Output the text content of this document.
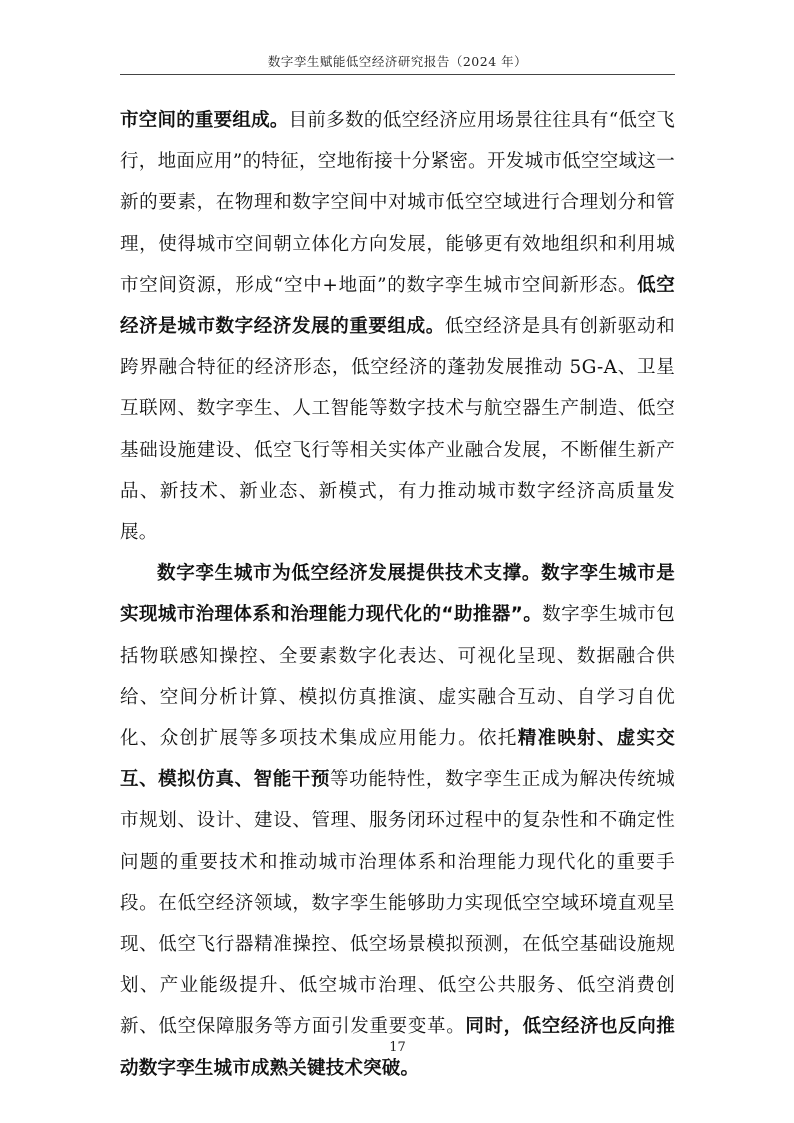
数字孪生赋能低空经济研究报告（2024 年）

市空间的重要组成。目前多数的低空经济应用场景往往具有“低空飞行，地面应用”的特征，空地衔接十分紧密。开发城市低空空域这一新的要素，在物理和数字空间中对城市低空空域进行合理划分和管理，使得城市空间朝立体化方向发展，能够更有效地组织和利用城市空间资源，形成“空中+地面”的数字孪生城市空间新形态。低空经济是城市数字经济发展的重要组成。低空经济是具有创新驱动和跨界融合特征的经济形态，低空经济的蓬勃发展推动 5G-A、卫星互联网、数字孪生、人工智能等数字技术与航空器生产制造、低空基础设施建设、低空飞行等相关实体产业融合发展，不断催生新产品、新技术、新业态、新模式，有力推动城市数字经济高质量发展。

数字孪生城市为低空经济发展提供技术支撑。数字孪生城市是实现城市治理体系和治理能力现代化的“助推器”。数字孪生城市包括物联感知操控、全要素数字化表达、可视化呈现、数据融合供给、空间分析计算、模拟仿真推演、虚实融合互动、自学习自优化、众创扩展等多项技术集成应用能力。依托精准映射、虚实交互、模拟仿真、智能干预等功能特性，数字孪生正成为解决传统城市规划、设计、建设、管理、服务闭环过程中的复杂性和不确定性问题的重要技术和推动城市治理体系和治理能力现代化的重要手段。在低空经济领域，数字孪生能够助力实现低空空域环境直观呈现、低空飞行器精准操控、低空场景模拟预测，在低空基础设施规划、产业能级提升、低空城市治理、低空公共服务、低空消费创新、低空保障服务等方面引发重要变革。同时，低空经济也反向推动数字孪生城市成熟关键技术突破。

17
